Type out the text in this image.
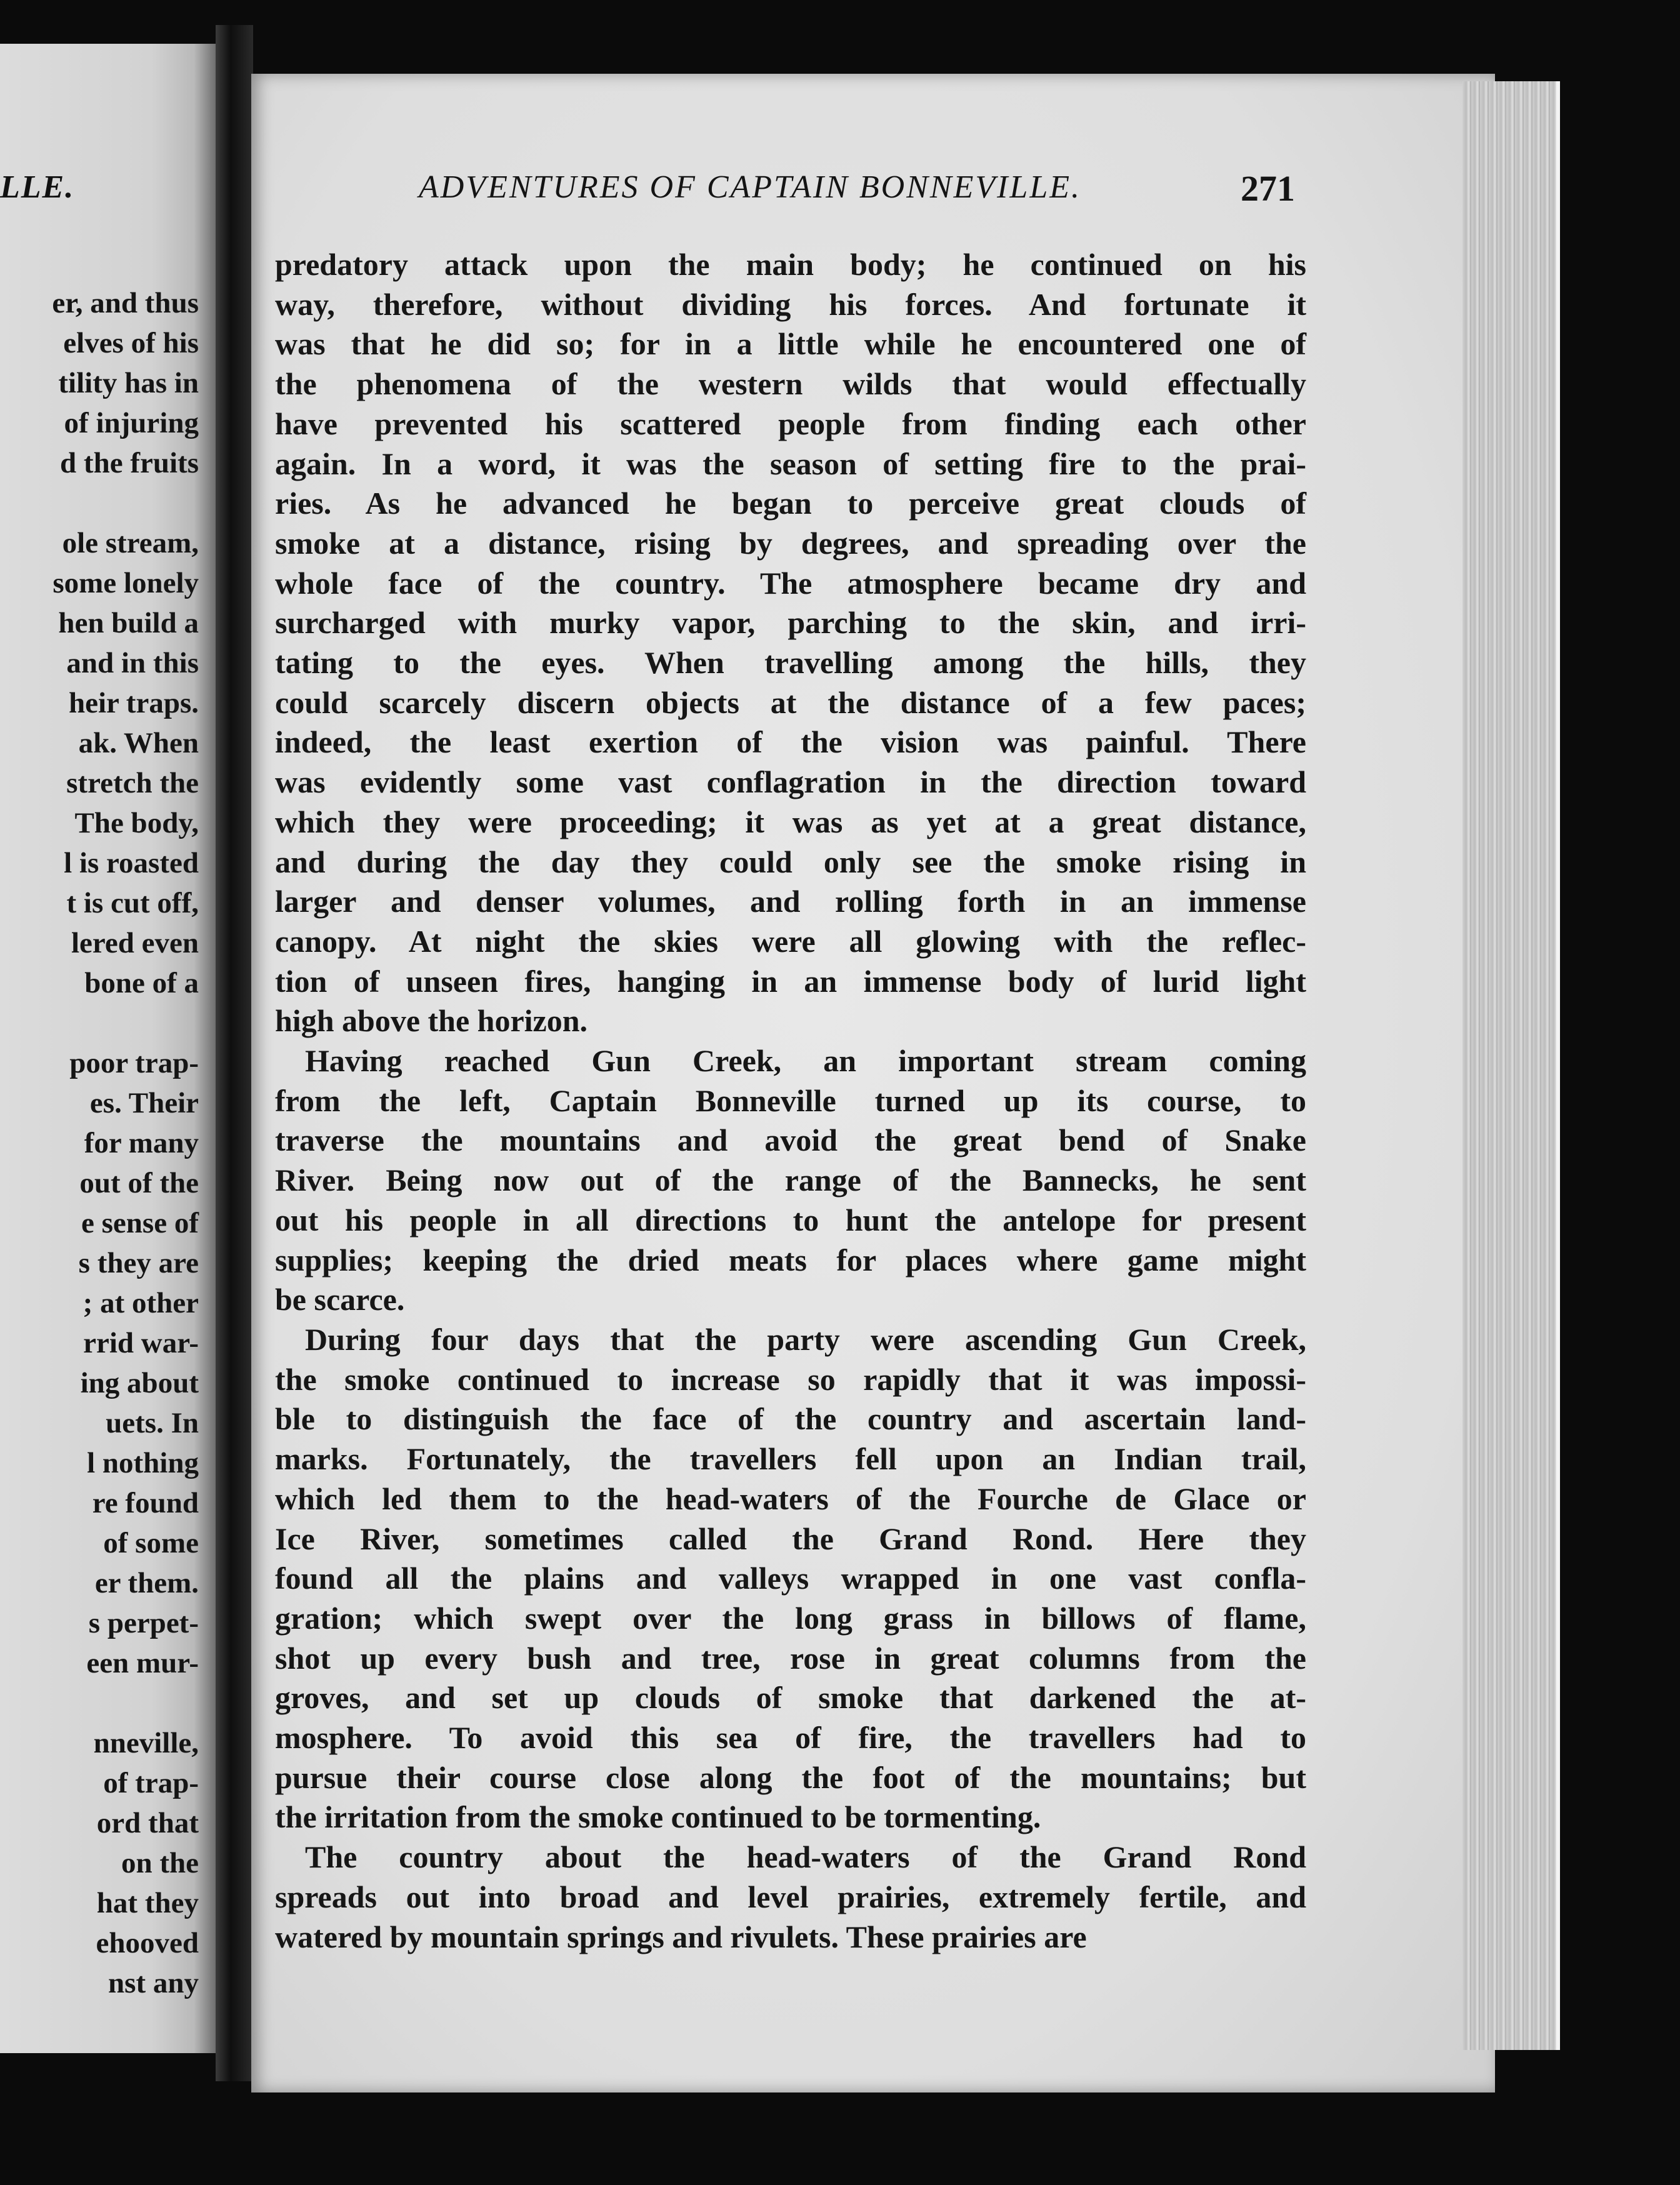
LLE.
er, and thus
elves of his
tility has in
of injuring
d the fruits
ole stream,
some lonely
hen build a
and in this
heir traps.
ak. When
stretch the
The body,
l is roasted
t is cut off,
lered even
bone of a
poor trap-
es. Their
for many
out of the
e sense of
s they are
; at other
rrid war-
ing about
uets. In
l nothing
re found
of some
er them.
s perpet-
een mur-
nneville,
of trap-
ord that
on the
hat they
ehooved
nst any
ADVENTURES OF CAPTAIN BONNEVILLE.	271

predatory attack upon the main body; he continued on his
way, therefore, without dividing his forces. And fortunate it
was that he did so; for in a little while he encountered one of
the phenomena of the western wilds that would effectually
have prevented his scattered people from finding each other
again. In a word, it was the season of setting fire to the prai-
ries. As he advanced he began to perceive great clouds of
smoke at a distance, rising by degrees, and spreading over the
whole face of the country. The atmosphere became dry and
surcharged with murky vapor, parching to the skin, and irri-
tating to the eyes. When travelling among the hills, they
could scarcely discern objects at the distance of a few paces;
indeed, the least exertion of the vision was painful. There
was evidently some vast conflagration in the direction toward
which they were proceeding; it was as yet at a great distance,
and during the day they could only see the smoke rising in
larger and denser volumes, and rolling forth in an immense
canopy. At night the skies were all glowing with the reflec-
tion of unseen fires, hanging in an immense body of lurid light
high above the horizon.

Having reached Gun Creek, an important stream coming
from the left, Captain Bonneville turned up its course, to
traverse the mountains and avoid the great bend of Snake
River. Being now out of the range of the Bannecks, he sent
out his people in all directions to hunt the antelope for present
supplies; keeping the dried meats for places where game might
be scarce.

During four days that the party were ascending Gun Creek,
the smoke continued to increase so rapidly that it was impossi-
ble to distinguish the face of the country and ascertain land-
marks. Fortunately, the travellers fell upon an Indian trail,
which led them to the head-waters of the Fourche de Glace or
Ice River, sometimes called the Grand Rond. Here they
found all the plains and valleys wrapped in one vast confla-
gration; which swept over the long grass in billows of flame,
shot up every bush and tree, rose in great columns from the
groves, and set up clouds of smoke that darkened the at-
mosphere. To avoid this sea of fire, the travellers had to
pursue their course close along the foot of the mountains; but
the irritation from the smoke continued to be tormenting.

The country about the head-waters of the Grand Rond
spreads out into broad and level prairies, extremely fertile, and
watered by mountain springs and rivulets. These prairies are
